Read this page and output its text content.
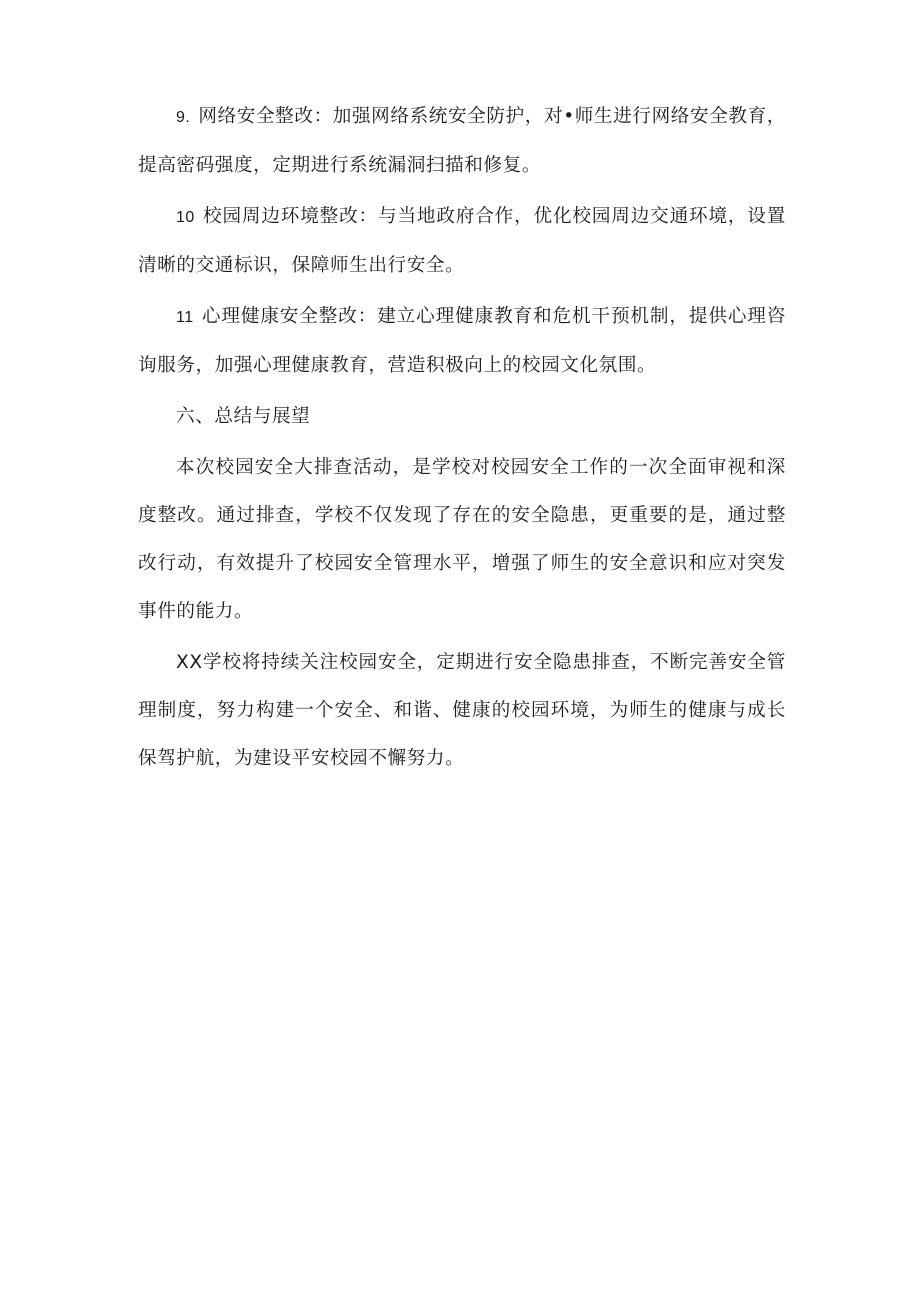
9. 网络安全整改：加强网络系统安全防护，对•师生进行网络安全教育，提高密码强度，定期进行系统漏洞扫描和修复。

10 校园周边环境整改：与当地政府合作，优化校园周边交通环境，设置清晰的交通标识，保障师生出行安全。

11 心理健康安全整改：建立心理健康教育和危机干预机制，提供心理咨询服务，加强心理健康教育，营造积极向上的校园文化氛围。

六、总结与展望

本次校园安全大排查活动，是学校对校园安全工作的一次全面审视和深度整改。通过排查，学校不仅发现了存在的安全隐患，更重要的是，通过整改行动，有效提升了校园安全管理水平，增强了师生的安全意识和应对突发事件的能力。

XX学校将持续关注校园安全，定期进行安全隐患排查，不断完善安全管理制度，努力构建一个安全、和谐、健康的校园环境，为师生的健康与成长保驾护航，为建设平安校园不懈努力。
